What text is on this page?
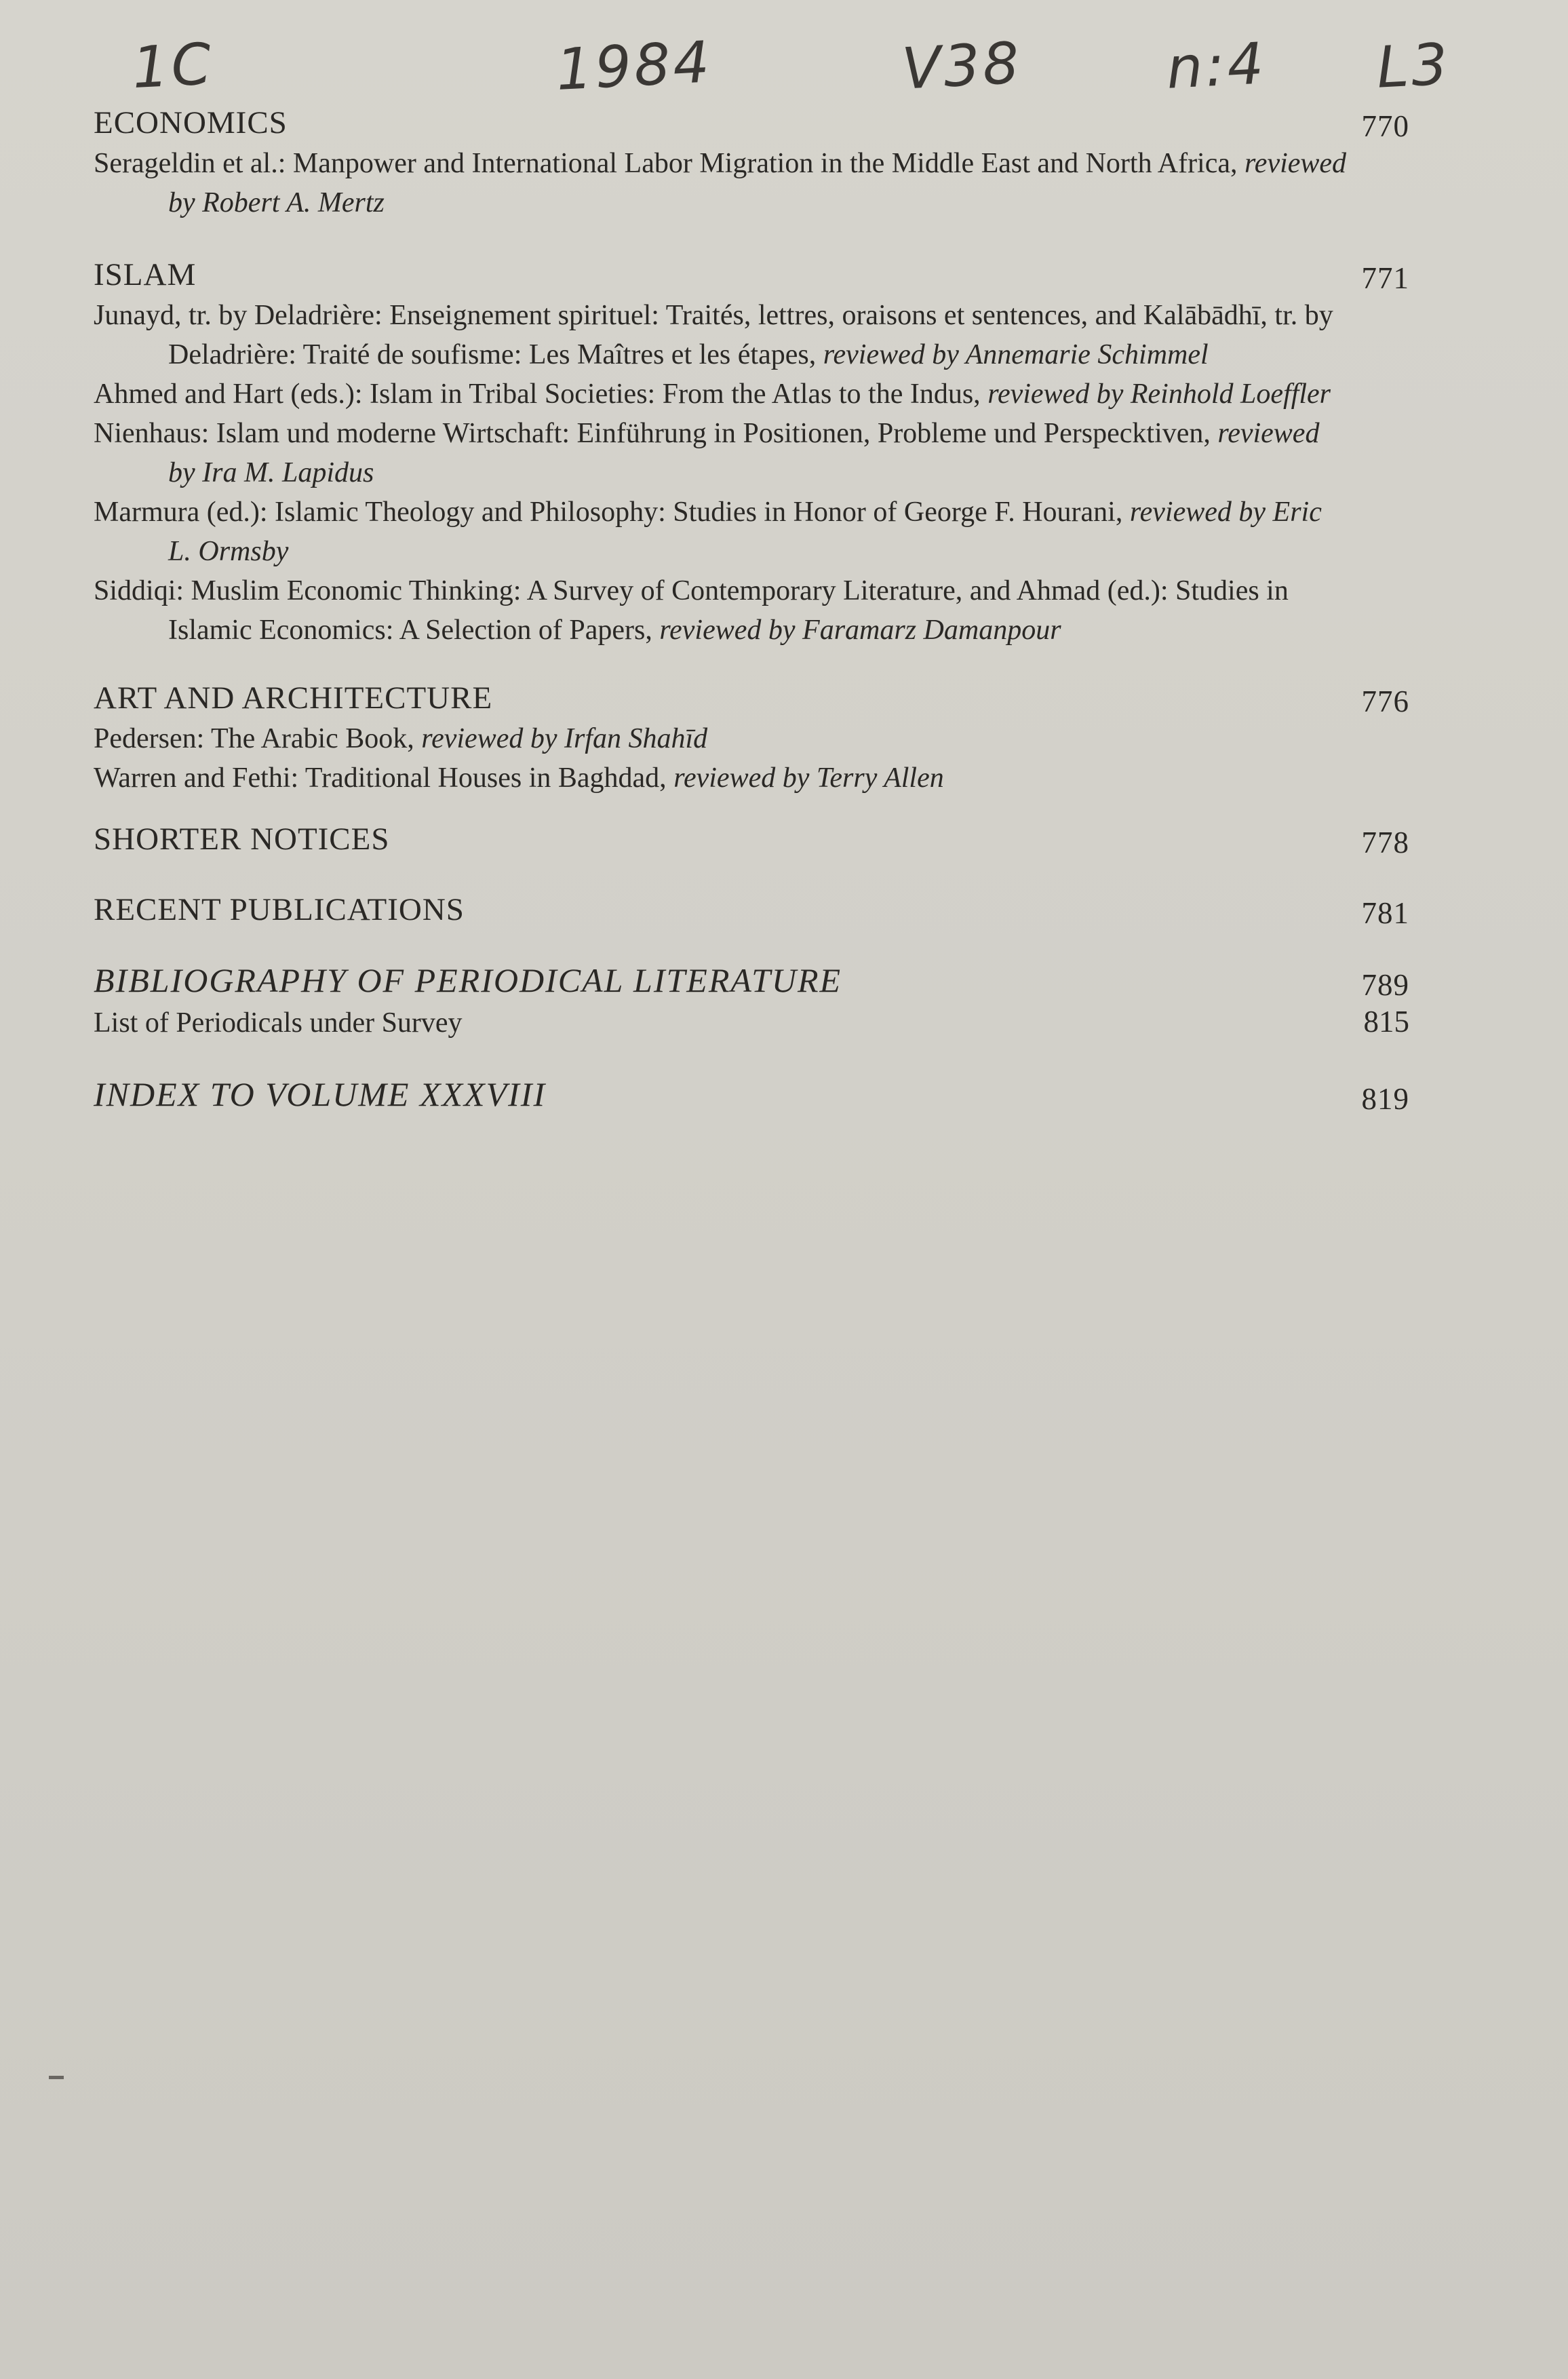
1C	1984	V38 n:4 L3
ECONOMICS	770
Serageldin et al.: Manpower and International Labor Migration in the Middle East and North Africa, reviewed by Robert A. Mertz
ISLAM	771
Junayd, tr. by Deladrière: Enseignement spirituel: Traités, lettres, oraisons et sentences, and Kalābādhī, tr. by Deladrière: Traité de soufisme: Les Maîtres et les étapes, reviewed by Annemarie Schimmel
Ahmed and Hart (eds.): Islam in Tribal Societies: From the Atlas to the Indus, reviewed by Reinhold Loeffler
Nienhaus: Islam und moderne Wirtschaft: Einführung in Positionen, Probleme und Perspecktiven, reviewed by Ira M. Lapidus
Marmura (ed.): Islamic Theology and Philosophy: Studies in Honor of George F. Hourani, reviewed by Eric L. Ormsby
Siddiqi: Muslim Economic Thinking: A Survey of Contemporary Literature, and Ahmad (ed.): Studies in Islamic Economics: A Selection of Papers, reviewed by Faramarz Damanpour
ART AND ARCHITECTURE	776
Pedersen: The Arabic Book, reviewed by Irfan Shahīd
Warren and Fethi: Traditional Houses in Baghdad, reviewed by Terry Allen
SHORTER NOTICES	778
RECENT PUBLICATIONS	781
BIBLIOGRAPHY OF PERIODICAL LITERATURE	789
List of Periodicals under Survey	815
INDEX TO VOLUME XXXVIII	819
